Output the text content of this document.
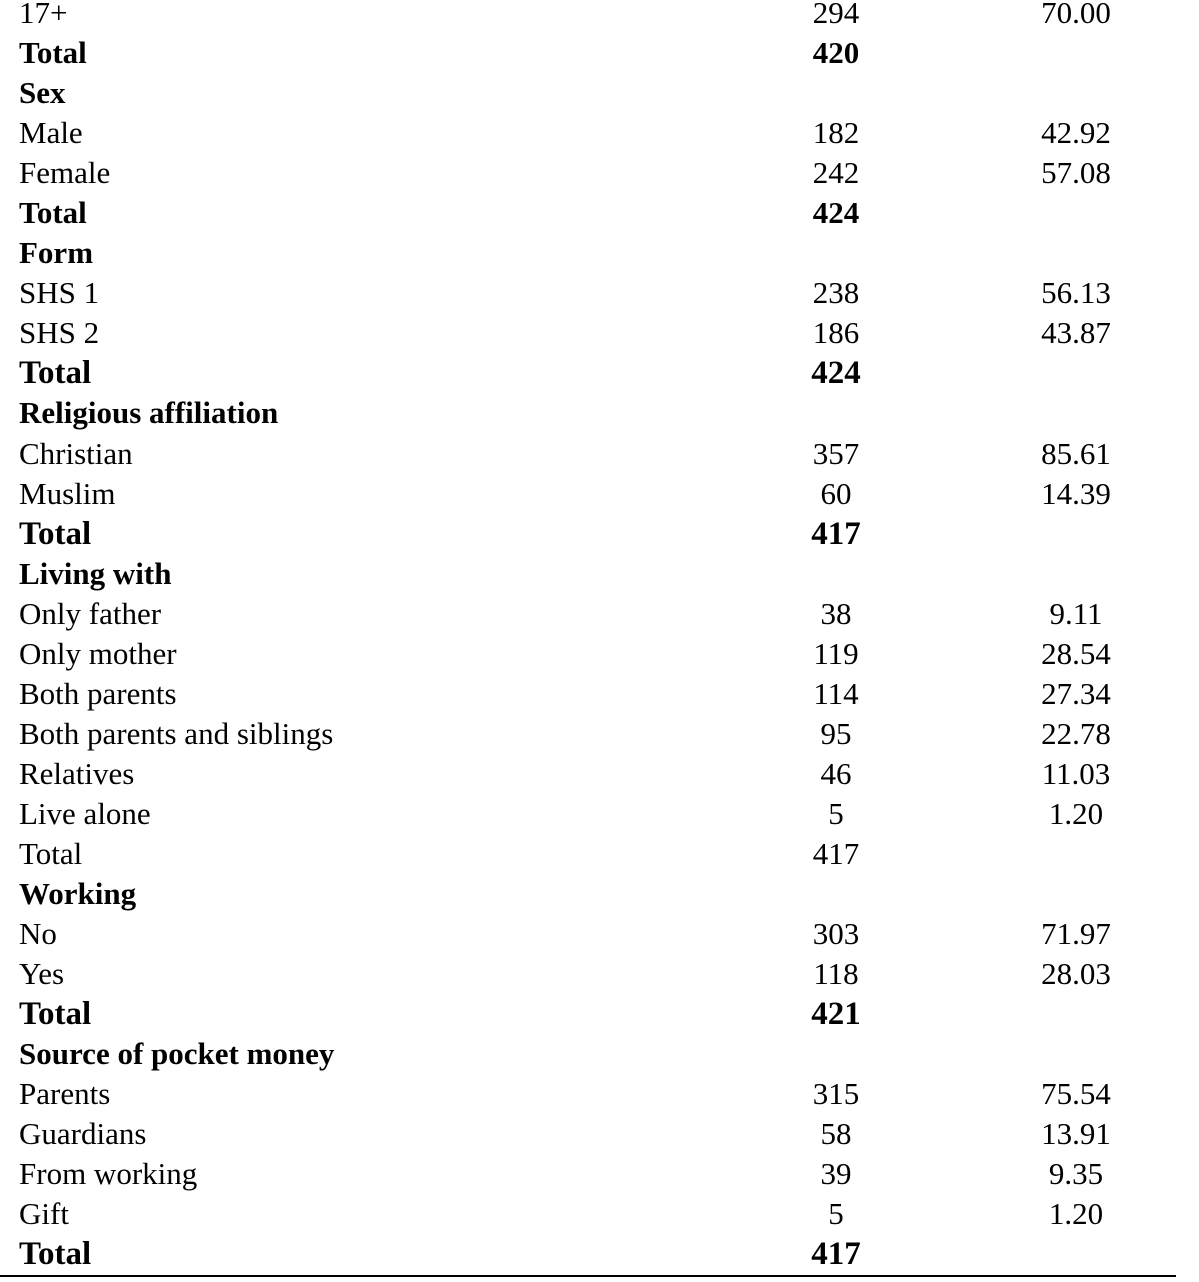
17+	294	70.00
Total	420
Sex
Male	182	42.92
Female	242	57.08
Total	424
Form
SHS 1	238	56.13
SHS 2	186	43.87
Total	424
Religious affiliation
Christian	357	85.61
Muslim	60	14.39
Total	417
Living with
Only father	38	9.11
Only mother	119	28.54
Both parents	114	27.34
Both parents and siblings	95	22.78
Relatives	46	11.03
Live alone	5	1.20
Total	417
Working
No	303	71.97
Yes	118	28.03
Total	421
Source of pocket money
Parents	315	75.54
Guardians	58	13.91
From working	39	9.35
Gift	5	1.20
Total	417
